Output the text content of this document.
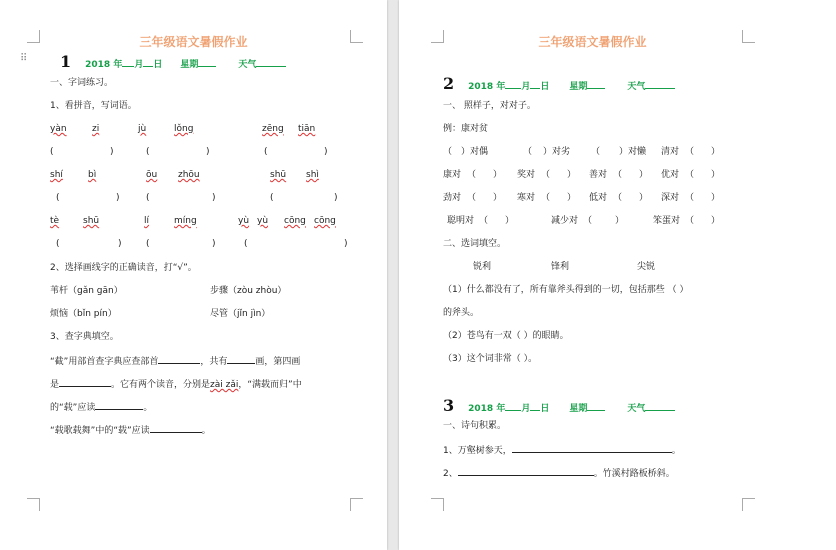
三年级语文暑假作业
⠿ 1 2018 年 月 日 星期	天气
一、字词练习。
1、看拼音，写词语。
yàn	zi	jù	lǒng	zēng tiān
(	)	(	)	(	)
shí	bì	ōu zhōu	shū shì
(	)	(	)	(	)
tè	shū	lí	míng	yù yù cōng cōng
(	)	(	)	(	)
2、选择画线字的正确读音，打“√”。
苇杆（gǎn gān）	步骤（zòu zhòu）
烦恼（bǐn pín）	尽管（jǐn jìn）
3、查字典填空。
“截”用部首查字典应查部首	，共有	画，第四画
是	。它有两个读音，分别是zài zǎi，“满载而归”中
的“载”应读	。
“载歌载舞”中的“载”应读	。
三年级语文暑假作业
2 2018 年 月 日 星期	天气
一、 照样子，对对子。
例：康对贫
（ ）对偶	（ ）对劣 （ ）对懒 清对 （ ）
康对 （ ） 奖对 （ ） 善对 （ ） 优对 （ ）
劲对 （ ） 寒对 （ ） 低对 （ ） 深对 （ ）
聪明对 （ ）	减少对 （	）	笨蛋对 （ ）
二、选词填空。
锐利	锋利	尖锐
（1）什么都没有了，所有靠斧头得到的一切，包括那些 （ ）
的斧头。
（2）苍鸟有一双（ ）的眼睛。
（3）这个词非常（ ）。
3 2018 年 月 日 星期	天气
一、诗句积累。
1、万壑树参天，	。
2、	。竹溪村路板桥斜。
